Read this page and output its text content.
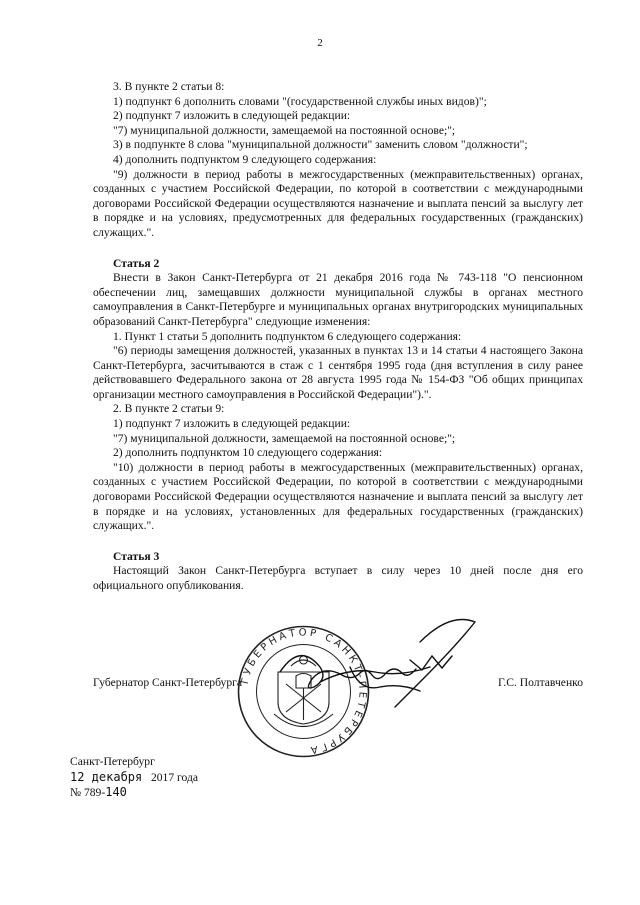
2

3. В пункте 2 статьи 8:

1) подпункт 6 дополнить словами "(государственной службы иных видов)";

2) подпункт 7 изложить в следующей редакции:

"7) муниципальной должности, замещаемой на постоянной основе;";

3) в подпункте 8 слова "муниципальной должности" заменить словом "должности";

4) дополнить подпунктом 9 следующего содержания:

"9) должности в период работы в межгосударственных (межправительственных) органах, созданных с участием Российской Федерации, по которой в соответствии с международными договорами Российской Федерации осуществляются назначение и выплата пенсий за выслугу лет в порядке и на условиях, предусмотренных для федеральных государственных (гражданских) служащих.".

Статья 2

Внести в Закон Санкт-Петербурга от 21 декабря 2016 года № 743-118 "О пенсионном обеспечении лиц, замещавших должности муниципальной службы в органах местного самоуправления в Санкт-Петербурге и муниципальных органах внутригородских муниципальных образований Санкт-Петербурга" следующие изменения:

1. Пункт 1 статьи 5 дополнить подпунктом 6 следующего содержания:

"6) периоды замещения должностей, указанных в пунктах 13 и 14 статьи 4 настоящего Закона Санкт-Петербурга, засчитываются в стаж с 1 сентября 1995 года (дня вступления в силу ранее действовавшего Федерального закона от 28 августа 1995 года № 154-ФЗ "Об общих принципах организации местного самоуправления в Российской Федерации").".

2. В пункте 2 статьи 9:

1) подпункт 7 изложить в следующей редакции:

"7) муниципальной должности, замещаемой на постоянной основе;";

2) дополнить подпунктом 10 следующего содержания:

"10) должности в период работы в межгосударственных (межправительственных) органах, созданных с участием Российской Федерации, по которой в соответствии с международными договорами Российской Федерации осуществляются назначение и выплата пенсий за выслугу лет в порядке и на условиях, установленных для федеральных государственных (гражданских) служащих.".

Статья 3

Настоящий Закон Санкт-Петербурга вступает в силу через 10 дней после дня его официального опубликования.

Губернатор Санкт-Петербурга	Г.С. Полтавченко
ГУБЕРНАТОР САНКТ-ПЕТЕРБУРГА
Санкт-Петербург
12 декабря 2017 года
№ 789-140
